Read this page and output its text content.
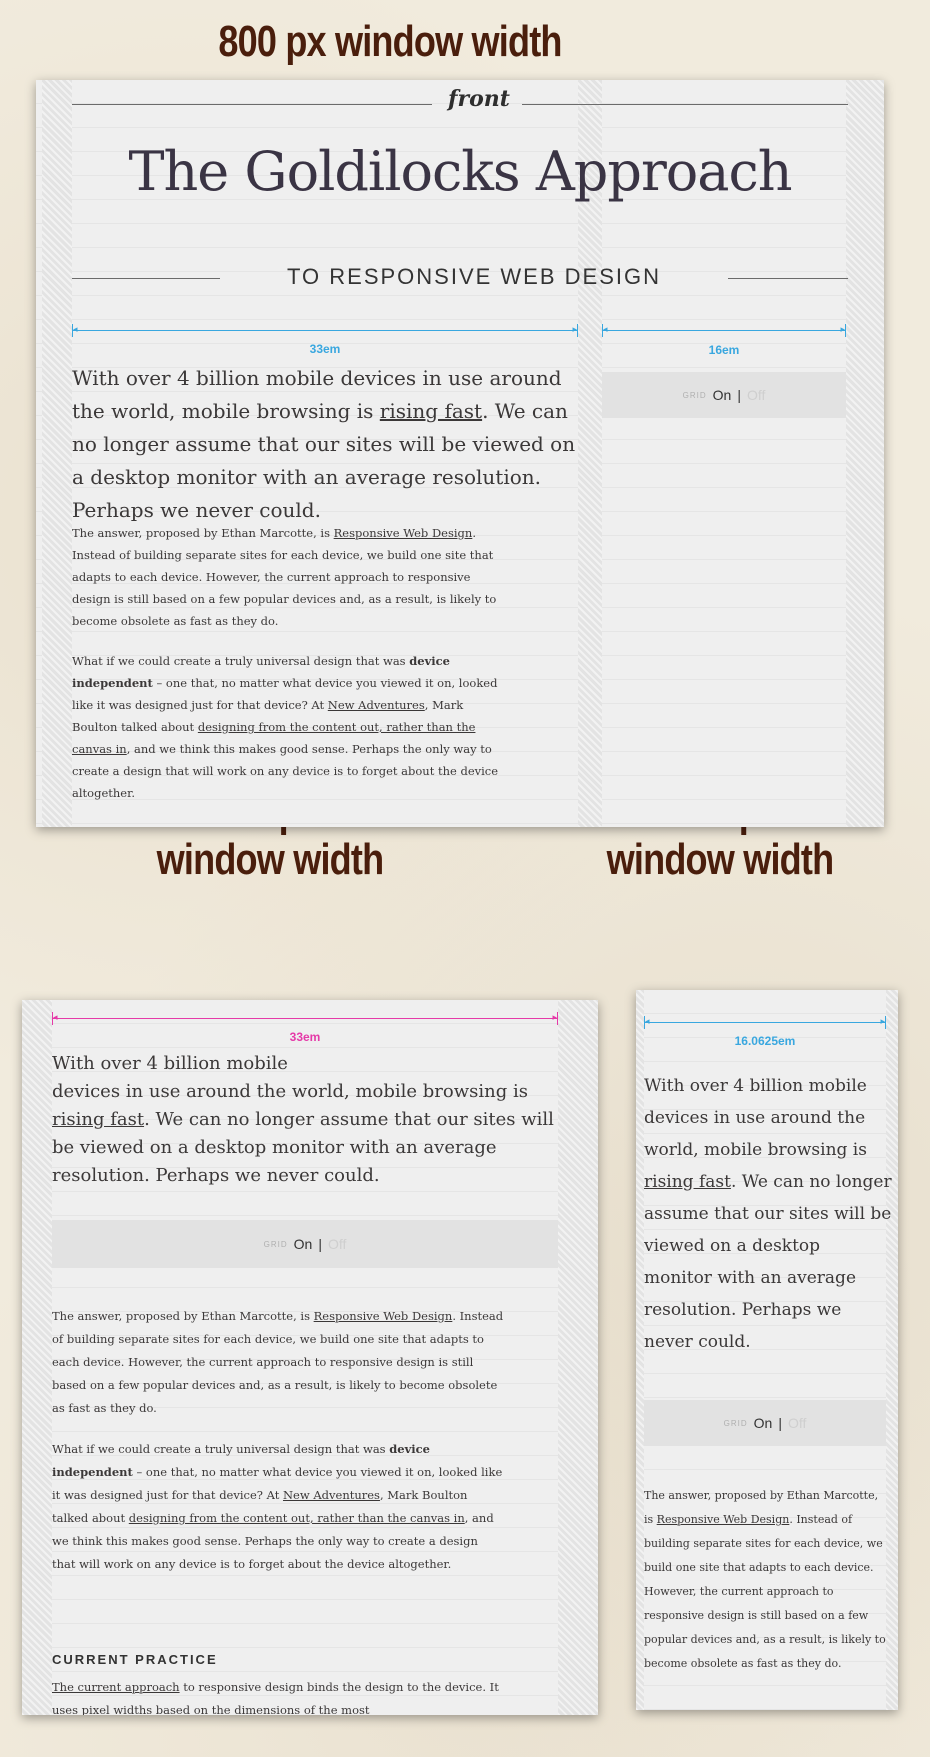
800 px window width
window width	window width
front
The Goldilocks Approach
TO RESPONSIVE WEB DESIGN
◂	▸
33em
◂	▸
16em
GRID On | Off
With over 4 billion mobile devices in use around the world, mobile browsing is rising fast. We can no longer assume that our sites will be viewed on a desktop monitor with an average resolution. Perhaps we never could.

The answer, proposed by Ethan Marcotte, is Responsive Web Design. Instead of building separate sites for each device, we build one site that adapts to each device. However, the current approach to responsive design is still based on a few popular devices and, as a result, is likely to become obsolete as fast as they do.

What if we could create a truly universal design that was device independent – one that, no matter what device you viewed it on, looked like it was designed just for that device? At New Adventures, Mark Boulton talked about designing from the content out, rather than the canvas in, and we think this makes good sense. Perhaps the only way to create a design that will work on any device is to forget about the device altogether.

◂	▸
33em
With over 4 billion mobile
devices in use around the world, mobile browsing is rising fast. We can no longer assume that our sites will be viewed on a desktop monitor with an average resolution. Perhaps we never could.
GRID On | Off

The answer, proposed by Ethan Marcotte, is Responsive Web Design. Instead of building separate sites for each device, we build one site that adapts to each device. However, the current approach to responsive design is still based on a few popular devices and, as a result, is likely to become obsolete as fast as they do.

What if we could create a truly universal design that was device independent – one that, no matter what device you viewed it on, looked like it was designed just for that device? At New Adventures, Mark Boulton talked about designing from the content out, rather than the canvas in, and we think this makes good sense. Perhaps the only way to create a design that will work on any device is to forget about the device altogether.

CURRENT PRACTICE
The current approach to responsive design binds the design to the device. It uses pixel widths based on the dimensions of the most
◂	▸
16.0625em
With over 4 billion mobile devices in use around the world, mobile browsing is rising fast. We can no longer assume that our sites will be viewed on a desktop monitor with an average resolution. Perhaps we never could.
GRID On | Off

The answer, proposed by Ethan Marcotte, is Responsive Web Design. Instead of building separate sites for each device, we build one site that adapts to each device. However, the current approach to responsive design is still based on a few popular devices and, as a result, is likely to become obsolete as fast as they do.
